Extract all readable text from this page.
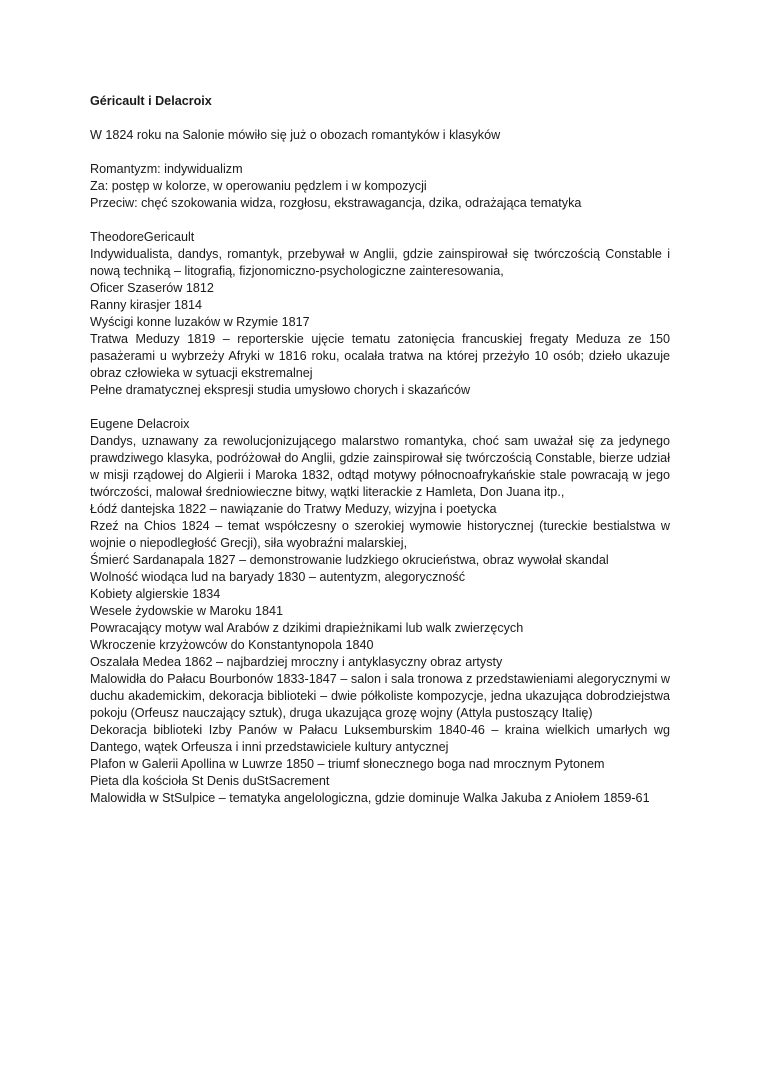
Géricault i Delacroix

W 1824 roku na Salonie mówiło się już o obozach romantyków i klasyków

Romantyzm: indywidualizm

Za: postęp w kolorze, w operowaniu pędzlem i w kompozycji

Przeciw: chęć szokowania widza, rozgłosu, ekstrawagancja, dzika, odrażająca tematyka

TheodoreGericault

Indywidualista, dandys, romantyk, przebywał w Anglii, gdzie zainspirował się twórczością Constable i nową techniką – litografią, fizjonomiczno-psychologiczne zainteresowania,

Oficer Szaserów 1812

Ranny kirasjer 1814

Wyścigi konne luzaków w Rzymie 1817

Tratwa Meduzy 1819 – reporterskie ujęcie tematu zatonięcia francuskiej fregaty Meduza ze 150 pasażerami u wybrzeży Afryki w 1816 roku, ocalała tratwa na której przeżyło 10 osób; dzieło ukazuje obraz człowieka w sytuacji ekstremalnej

Pełne dramatycznej ekspresji studia umysłowo chorych i skazańców

Eugene Delacroix

Dandys, uznawany za rewolucjonizującego malarstwo romantyka, choć sam uważał się za jedynego prawdziwego klasyka, podróżował do Anglii, gdzie zainspirował się twórczością Constable, bierze udział w misji rządowej do Algierii i Maroka 1832, odtąd motywy północnoafrykańskie stale powracają w jego twórczości, malował średniowieczne bitwy, wątki literackie z Hamleta, Don Juana itp.,

Łódź dantejska 1822 – nawiązanie do Tratwy Meduzy, wizyjna i poetycka

Rzeź na Chios 1824 – temat współczesny o szerokiej wymowie historycznej (tureckie bestialstwa w wojnie o niepodległość Grecji), siła wyobraźni malarskiej,

Śmierć Sardanapala 1827 – demonstrowanie ludzkiego okrucieństwa, obraz wywołał skandal

Wolność wiodąca lud na baryady 1830 – autentyzm, alegoryczność

Kobiety algierskie 1834

Wesele żydowskie w Maroku 1841

Powracający motyw wal Arabów z dzikimi drapieżnikami lub walk zwierzęcych

Wkroczenie krzyżowców do Konstantynopola 1840

Oszalała Medea 1862 – najbardziej mroczny i antyklasyczny obraz artysty

Malowidła do Pałacu Bourbonów 1833-1847 – salon i sala tronowa z przedstawieniami alegorycznymi w duchu akademickim, dekoracja biblioteki – dwie półkoliste kompozycje, jedna ukazująca dobrodziejstwa pokoju (Orfeusz nauczający sztuk), druga ukazująca grozę wojny (Attyla pustoszący Italię)

Dekoracja biblioteki Izby Panów w Pałacu Luksemburskim 1840-46 – kraina wielkich umarłych wg Dantego, wątek Orfeusza i inni przedstawiciele kultury antycznej

Plafon w Galerii Apollina w Luwrze 1850 – triumf słonecznego boga nad mrocznym Pytonem

Pieta dla kościoła St Denis duStSacrement

Malowidła w StSulpice – tematyka angelologiczna, gdzie dominuje Walka Jakuba z Aniołem 1859-61
